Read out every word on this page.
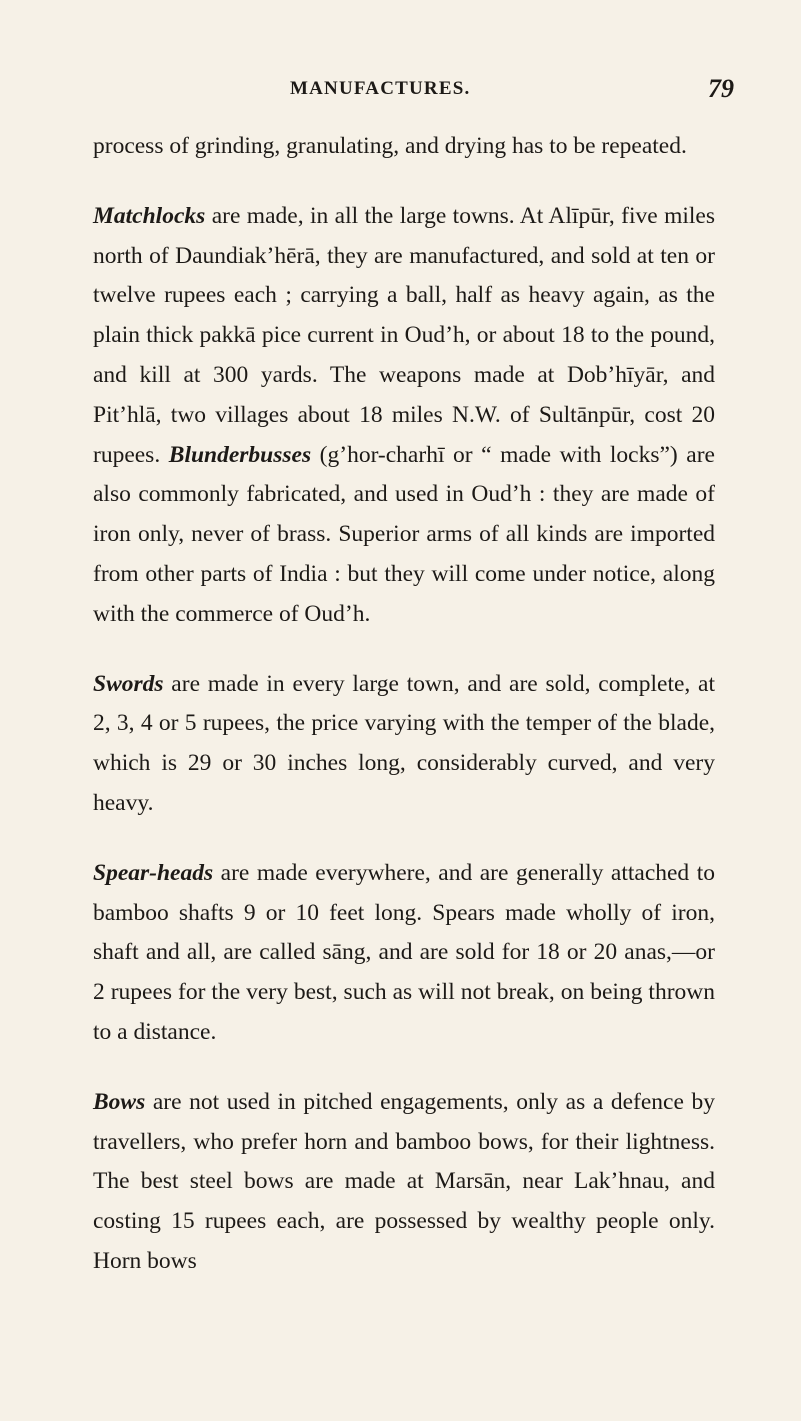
MANUFACTURES.	79

process of grinding, granulating, and drying has to be repeated.

Matchlocks are made, in all the large towns. At Alīpūr, five miles north of Daundiak’hērā, they are manufactured, and sold at ten or twelve rupees each ; carrying a ball, half as heavy again, as the plain thick pakkā pice current in Oud’h, or about 18 to the pound, and kill at 300 yards. The weapons made at Dob’hīyār, and Pit’hlā, two villages about 18 miles N.W. of Sultānpūr, cost 20 rupees. Blunderbusses (g’hor-charhī or “ made with locks”) are also commonly fabricated, and used in Oud’h : they are made of iron only, never of brass. Superior arms of all kinds are imported from other parts of India : but they will come under notice, along with the commerce of Oud’h.

Swords are made in every large town, and are sold, complete, at 2, 3, 4 or 5 rupees, the price varying with the temper of the blade, which is 29 or 30 inches long, considerably curved, and very heavy.

Spear-heads are made everywhere, and are generally attached to bamboo shafts 9 or 10 feet long. Spears made wholly of iron, shaft and all, are called sāng, and are sold for 18 or 20 anas,—or 2 rupees for the very best, such as will not break, on being thrown to a distance.

Bows are not used in pitched engagements, only as a defence by travellers, who prefer horn and bamboo bows, for their lightness. The best steel bows are made at Marsān, near Lak’hnau, and costing 15 rupees each, are possessed by wealthy people only. Horn bows
